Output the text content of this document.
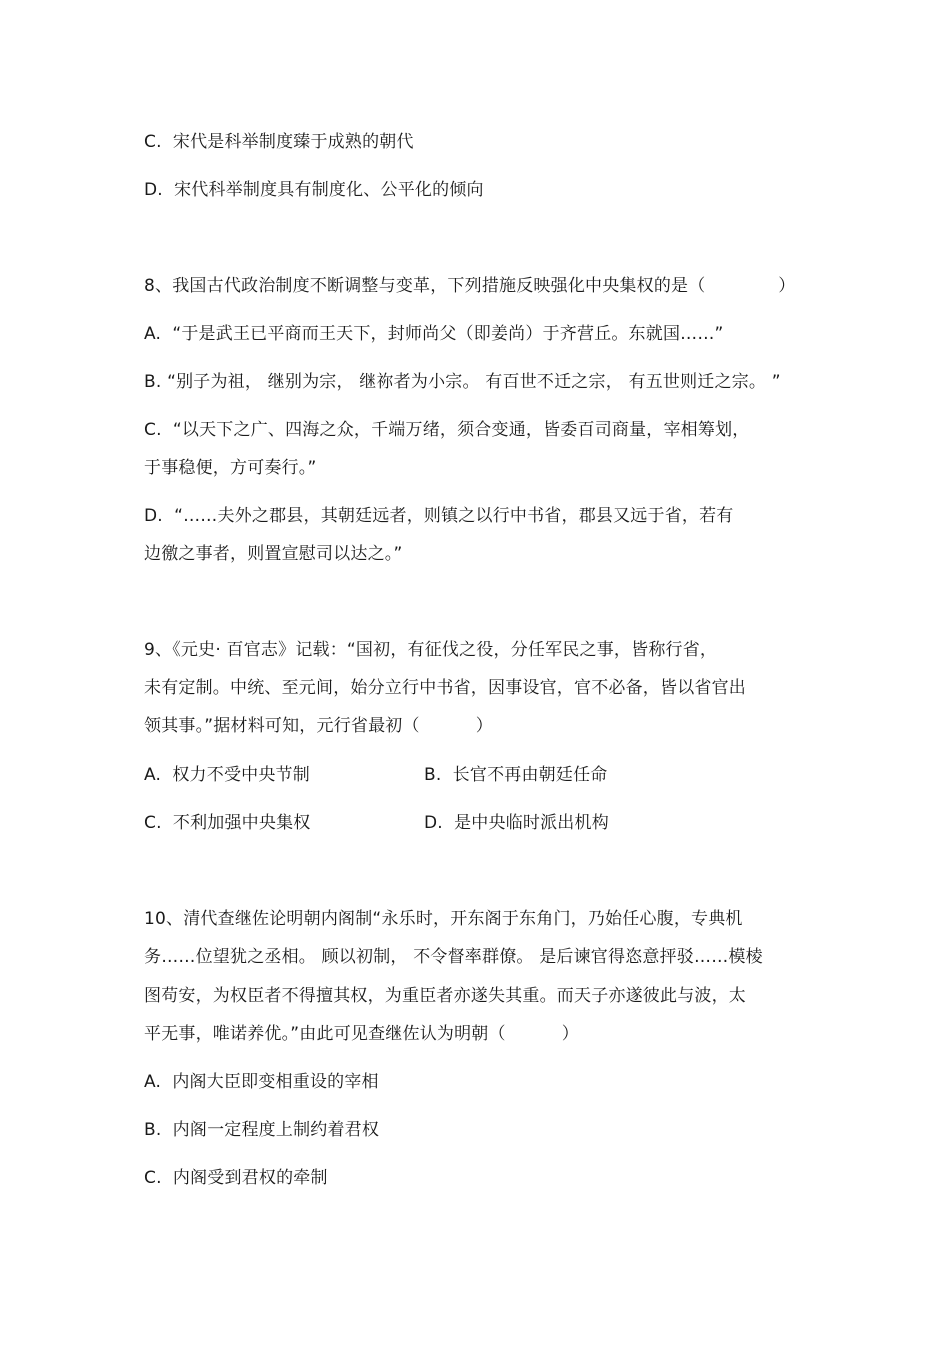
C.  宋代是科举制度臻于成熟的朝代
D.  宋代科举制度具有制度化、公平化的倾向
8、我国古代政治制度不断调整与变革，下列措施反映强化中央集权的是（             ）
A.  “于是武王已平商而王天下，封师尚父（即姜尚）于齐营丘。东就国……”
B. “别子为祖， 继别为宗， 继祢者为小宗。 有百世不迁之宗， 有五世则迁之宗。 ”
C.  “以天下之广、四海之众，千端万绪，须合变通，皆委百司商量，宰相筹划，
于事稳便，方可奏行。”
D.  “……夫外之郡县，其朝廷远者，则镇之以行中书省，郡县又远于省，若有
边徼之事者，则置宣慰司以达之。”
9、《元史· 百官志》记载：“国初，有征伐之役，分任军民之事，皆称行省，
未有定制。中统、至元间，始分立行中书省，因事设官，官不必备，皆以省官出
领其事。”据材料可知，元行省最初（          ）
A.  权力不受中央节制	B.  长官不再由朝廷任命
C.  不利加强中央集权	D.  是中央临时派出机构
10、清代查继佐论明朝内阁制“永乐时，开东阁于东角门，乃始任心腹，专典机
务……位望犹之丞相。 顾以初制， 不令督率群僚。 是后谏官得恣意抨驳……模棱
图苟安，为权臣者不得擅其权，为重臣者亦遂失其重。而天子亦遂彼此与波，太
平无事，唯诺养优。”由此可见查继佐认为明朝（          ）
A.  内阁大臣即变相重设的宰相
B.  内阁一定程度上制约着君权
C.  内阁受到君权的牵制
